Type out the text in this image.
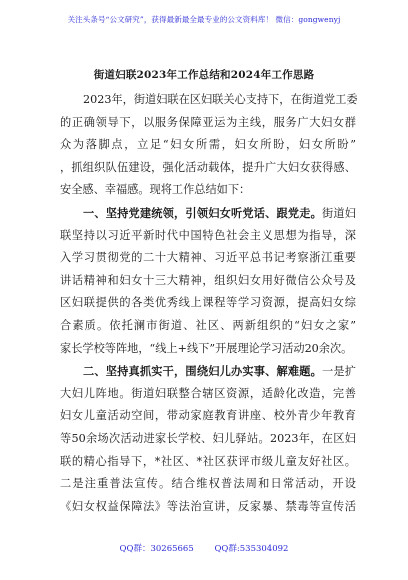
关注头条号“公文研究”，获得最新最全最专业的公文资料库！ 微信：gongwenyj
街道妇联2023年工作总结和2024年工作思路
2023年，街道妇联在区妇联关心支持下，在街道党工委
的正确领导下，以服务保障亚运为主线，服务广大妇女群
众为落脚点，立足“妇女所需，妇女所盼，妇女所盼”
，抓组织队伍建设，强化活动载体，提升广大妇女获得感、
安全感、幸福感。现将工作总结如下：
一、坚持党建统领，引领妇女听党话、跟党走。街道妇
联坚持以习近平新时代中国特色社会主义思想为指导，深
入学习贯彻党的二十大精神、习近平总书记考察浙江重要
讲话精神和妇女十三大精神，组织妇女用好微信公众号及
区妇联提供的各类优秀线上课程等学习资源，提高妇女综
合素质。依托澜市街道、社区、两新组织的“妇女之家”
家长学校等阵地，“线上+线下”开展理论学习活动20余次。
二、坚持真抓实干，围绕妇儿办实事、解难题。一是扩
大妇儿阵地。街道妇联整合辖区资源，适龄化改造，完善
妇女儿童活动空间，带动家庭教育讲座、校外青少年教育
等50余场次活动进家长学校、妇儿驿站。2023年，在区妇
联的精心指导下，*社区、*社区获评市级儿童友好社区。
二是注重普法宣传。结合维权普法周和日常活动，开设
《妇女权益保障法》等法治宣讲，反家暴、禁毒等宣传活
QQ群：30265665 QQ群:535304092
